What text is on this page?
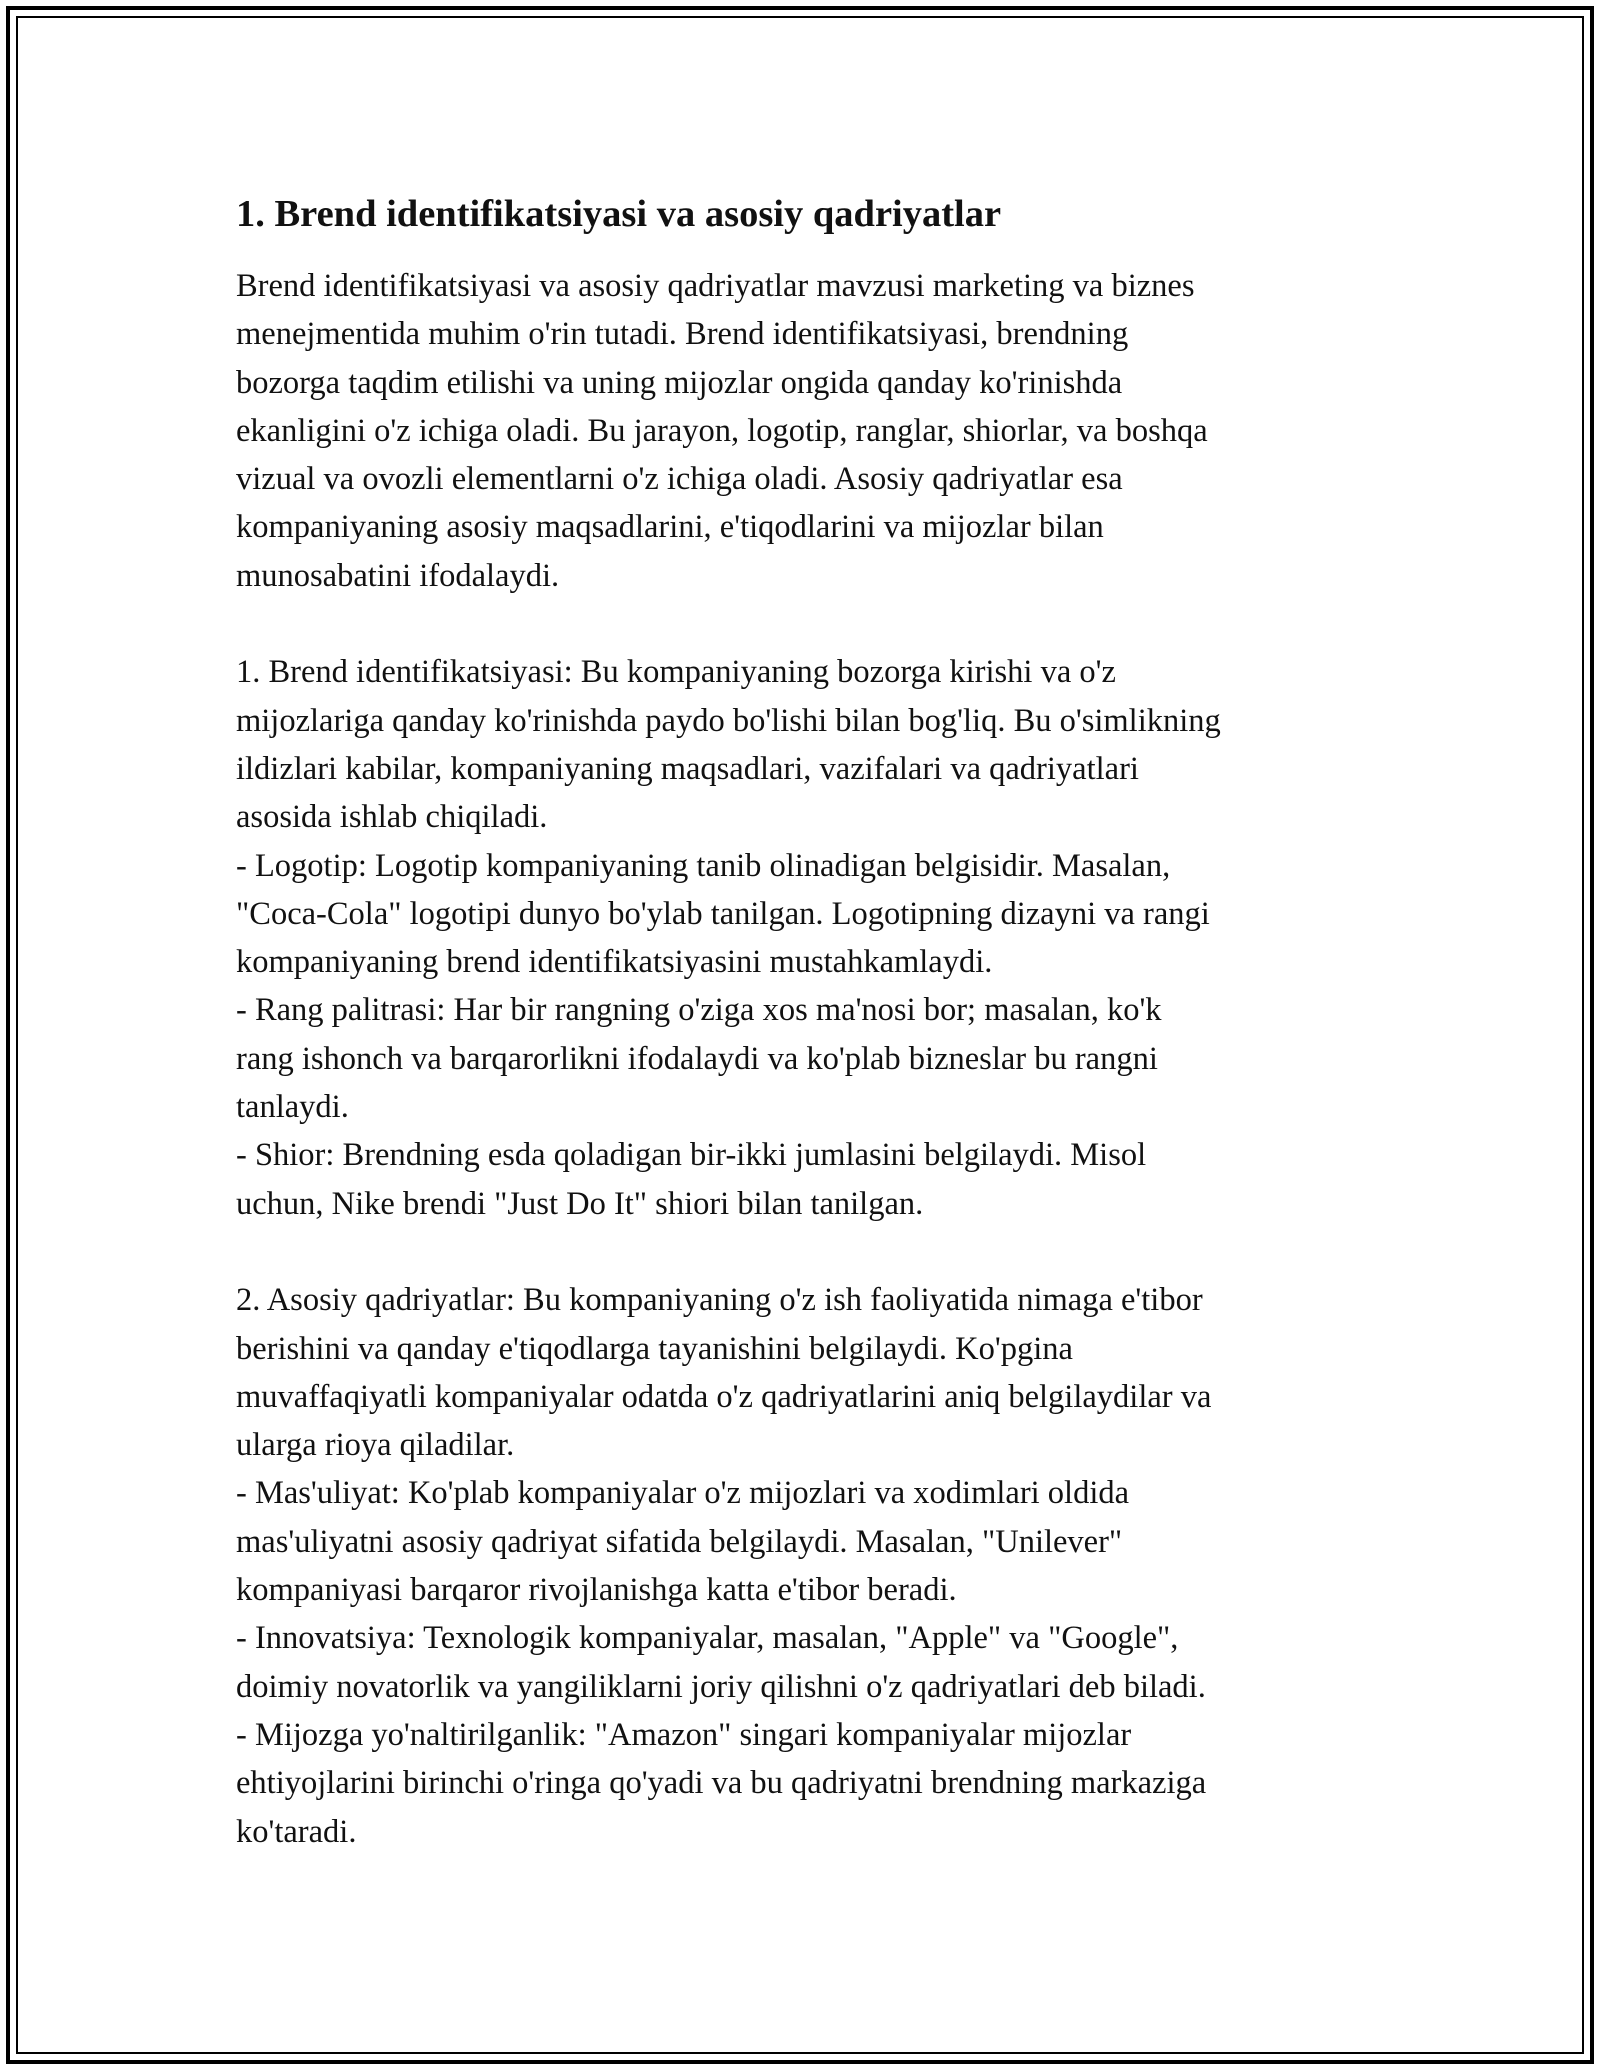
1. Brend identifikatsiyasi va asosiy qadriyatlar

Brend identifikatsiyasi va asosiy qadriyatlar mavzusi marketing va biznes
menejmentida muhim o'rin tutadi. Brend identifikatsiyasi, brendning
bozorga taqdim etilishi va uning mijozlar ongida qanday ko'rinishda
ekanligini o'z ichiga oladi. Bu jarayon, logotip, ranglar, shiorlar, va boshqa
vizual va ovozli elementlarni o'z ichiga oladi. Asosiy qadriyatlar esa
kompaniyaning asosiy maqsadlarini, e'tiqodlarini va mijozlar bilan
munosabatini ifodalaydi.

1. Brend identifikatsiyasi: Bu kompaniyaning bozorga kirishi va o'z
mijozlariga qanday ko'rinishda paydo bo'lishi bilan bog'liq. Bu o'simlikning
ildizlari kabilar, kompaniyaning maqsadlari, vazifalari va qadriyatlari
asosida ishlab chiqiladi.
- Logotip: Logotip kompaniyaning tanib olinadigan belgisidir. Masalan,
"Coca-Cola" logotipi dunyo bo'ylab tanilgan. Logotipning dizayni va rangi
kompaniyaning brend identifikatsiyasini mustahkamlaydi.
- Rang palitrasi: Har bir rangning o'ziga xos ma'nosi bor; masalan, ko'k
rang ishonch va barqarorlikni ifodalaydi va ko'plab bizneslar bu rangni
tanlaydi.
- Shior: Brendning esda qoladigan bir-ikki jumlasini belgilaydi. Misol
uchun, Nike brendi "Just Do It" shiori bilan tanilgan.

2. Asosiy qadriyatlar: Bu kompaniyaning o'z ish faoliyatida nimaga e'tibor
berishini va qanday e'tiqodlarga tayanishini belgilaydi. Ko'pgina
muvaffaqiyatli kompaniyalar odatda o'z qadriyatlarini aniq belgilaydilar va
ularga rioya qiladilar.
- Mas'uliyat: Ko'plab kompaniyalar o'z mijozlari va xodimlari oldida
mas'uliyatni asosiy qadriyat sifatida belgilaydi. Masalan, "Unilever"
kompaniyasi barqaror rivojlanishga katta e'tibor beradi.
- Innovatsiya: Texnologik kompaniyalar, masalan, "Apple" va "Google",
doimiy novatorlik va yangiliklarni joriy qilishni o'z qadriyatlari deb biladi.
- Mijozga yo'naltirilganlik: "Amazon" singari kompaniyalar mijozlar
ehtiyojlarini birinchi o'ringa qo'yadi va bu qadriyatni brendning markaziga
ko'taradi.
